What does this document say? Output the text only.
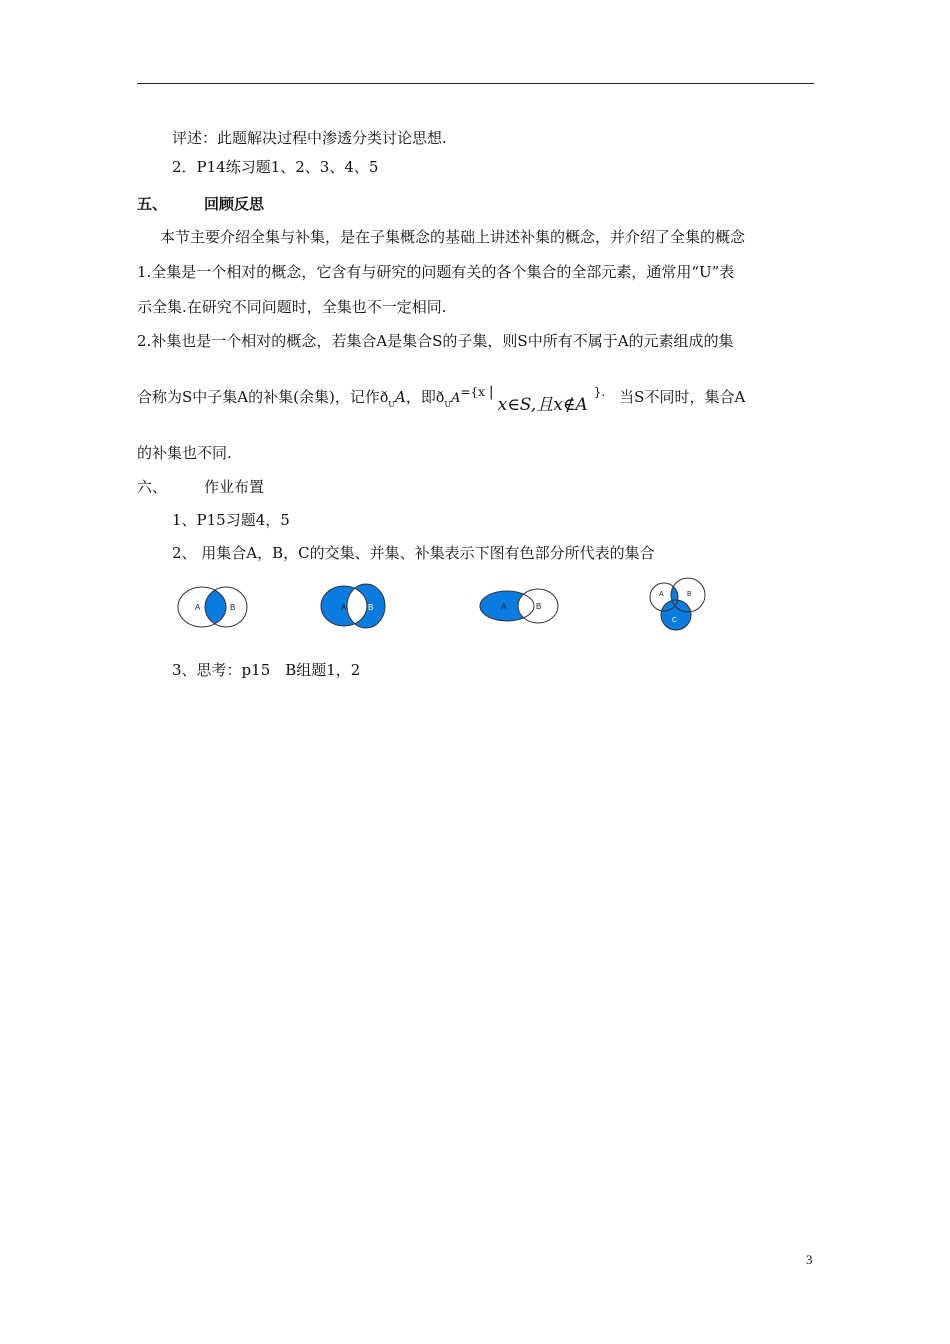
评述：此题解决过程中渗透分类讨论思想.
2．P14练习题1、2、3、4、5
五、 回顾反思
本节主要介绍全集与补集，是在子集概念的基础上讲述补集的概念，并介绍了全集的概念
1.全集是一个相对的概念，它含有与研究的问题有关的各个集合的全部元素，通常用“U”表
示全集.在研究不同问题时，全集也不一定相同.
2.补集也是一个相对的概念，若集合A是集合S的子集，则S中所有不属于A的元素组成的集
合称为S中子集A的补集(余集)，记作$ð_UA$，即$ð_UA^{=\{x}$ |x∈S,且x∉A}. 当S不同时，集合A
的补集也不同.
六、 作业布置
1、P15习题4，5
2、 用集合A，B，C的交集、并集、补集表示下图有色部分所代表的集合
A	B	A	B	A	B
A	B
C
3、思考：p15　B组题1，2
3
